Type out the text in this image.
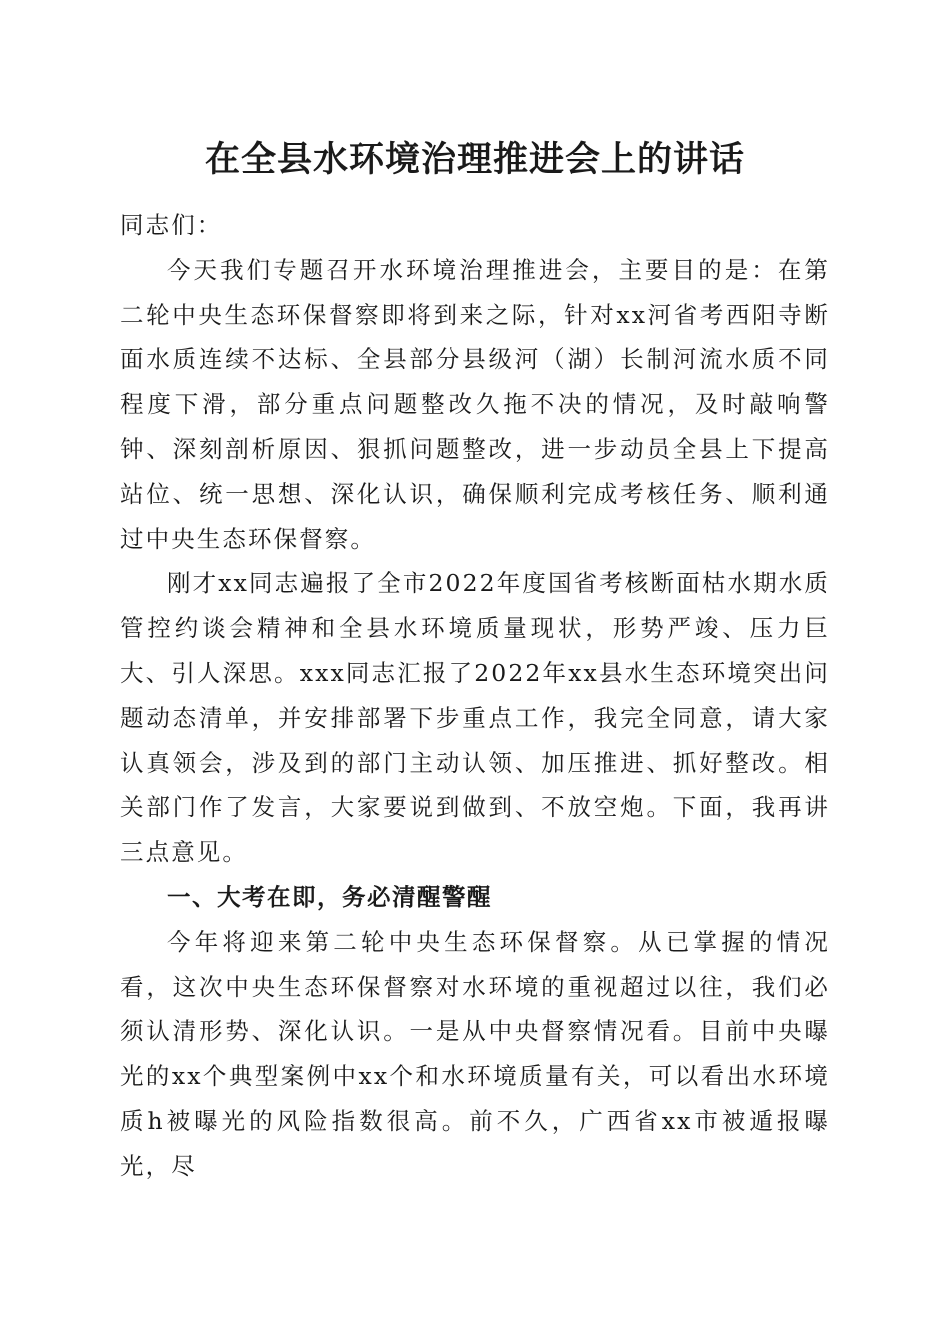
在全县水环境治理推进会上的讲话

同志们：

今天我们专题召开水环境治理推进会，主要目的是：在第二轮中央生态环保督察即将到来之际，针对xx河省考西阳寺断面水质连续不达标、全县部分县级河（湖）长制河流水质不同程度下滑，部分重点问题整改久拖不决的情况，及时敲响警钟、深刻剖析原因、狠抓问题整改，进一步动员全县上下提高站位、统一思想、深化认识，确保顺利完成考核任务、顺利通过中央生态环保督察。

刚才xx同志遍报了全市2022年度国省考核断面枯水期水质管控约谈会精神和全县水环境质量现状，形势严竣、压力巨大、引人深思。xxx同志汇报了2022年xx县水生态环境突出问题动态清单，并安排部署下步重点工作，我完全同意，请大家认真领会，涉及到的部门主动认领、加压推进、抓好整改。相关部门作了发言，大家要说到做到、不放空炮。下面，我再讲三点意见。

一、大考在即，务必清醒警醒

今年将迎来第二轮中央生态环保督察。从已掌握的情况看，这次中央生态环保督察对水环境的重视超过以往，我们必须认清形势、深化认识。一是从中央督察情况看。目前中央曝光的xx个典型案例中xx个和水环境质量有关，可以看出水环境质h被曝光的风险指数很高。前不久，广西省xx市被遁报曝光，尽
